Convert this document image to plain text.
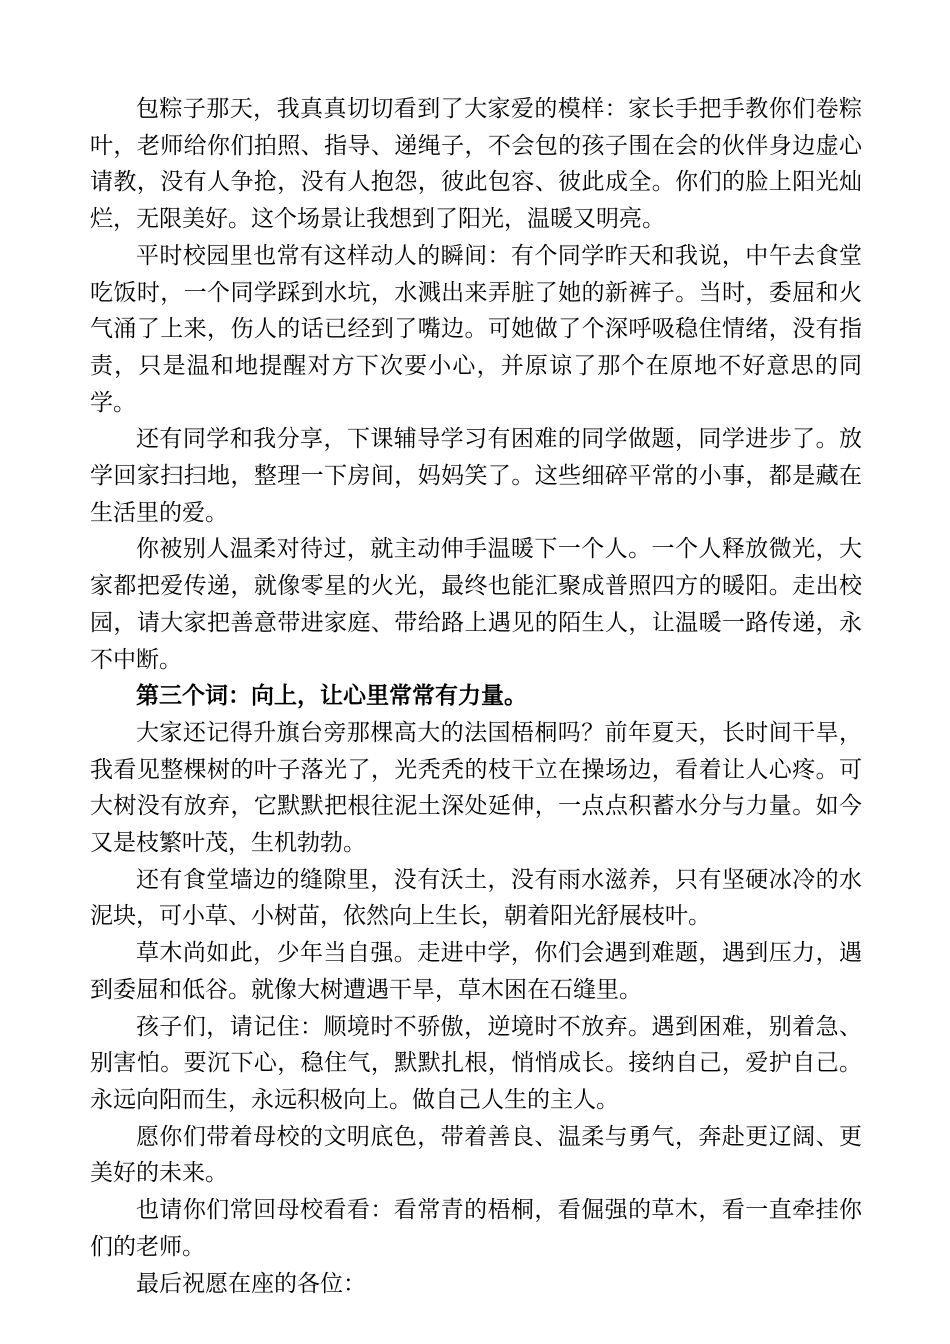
包粽子那天，我真真切切看到了大家爱的模样：家长手把手教你们卷粽叶，老师给你们拍照、指导、递绳子，不会包的孩子围在会的伙伴身边虚心请教，没有人争抢，没有人抱怨，彼此包容、彼此成全。你们的脸上阳光灿烂，无限美好。这个场景让我想到了阳光，温暖又明亮。

平时校园里也常有这样动人的瞬间：有个同学昨天和我说，中午去食堂吃饭时，一个同学踩到水坑，水溅出来弄脏了她的新裤子。当时，委屈和火气涌了上来，伤人的话已经到了嘴边。可她做了个深呼吸稳住情绪，没有指责，只是温和地提醒对方下次要小心，并原谅了那个在原地不好意思的同学。

还有同学和我分享，下课辅导学习有困难的同学做题，同学进步了。放学回家扫扫地，整理一下房间，妈妈笑了。这些细碎平常的小事，都是藏在生活里的爱。

你被别人温柔对待过，就主动伸手温暖下一个人。一个人释放微光，大家都把爱传递，就像零星的火光，最终也能汇聚成普照四方的暖阳。走出校园，请大家把善意带进家庭、带给路上遇见的陌生人，让温暖一路传递，永不中断。

第三个词：向上，让心里常常有力量。

大家还记得升旗台旁那棵高大的法国梧桐吗？前年夏天，长时间干旱，我看见整棵树的叶子落光了，光秃秃的枝干立在操场边，看着让人心疼。可大树没有放弃，它默默把根往泥土深处延伸，一点点积蓄水分与力量。如今又是枝繁叶茂，生机勃勃。

还有食堂墙边的缝隙里，没有沃土，没有雨水滋养，只有坚硬冰冷的水泥块，可小草、小树苗，依然向上生长，朝着阳光舒展枝叶。

草木尚如此，少年当自强。走进中学，你们会遇到难题，遇到压力，遇到委屈和低谷。就像大树遭遇干旱，草木困在石缝里。

孩子们，请记住：顺境时不骄傲，逆境时不放弃。遇到困难，别着急、别害怕。要沉下心，稳住气，默默扎根，悄悄成长。接纳自己，爱护自己。永远向阳而生，永远积极向上。做自己人生的主人。

愿你们带着母校的文明底色，带着善良、温柔与勇气，奔赴更辽阔、更美好的未来。

也请你们常回母校看看：看常青的梧桐，看倔强的草木，看一直牵挂你们的老师。

最后祝愿在座的各位：
